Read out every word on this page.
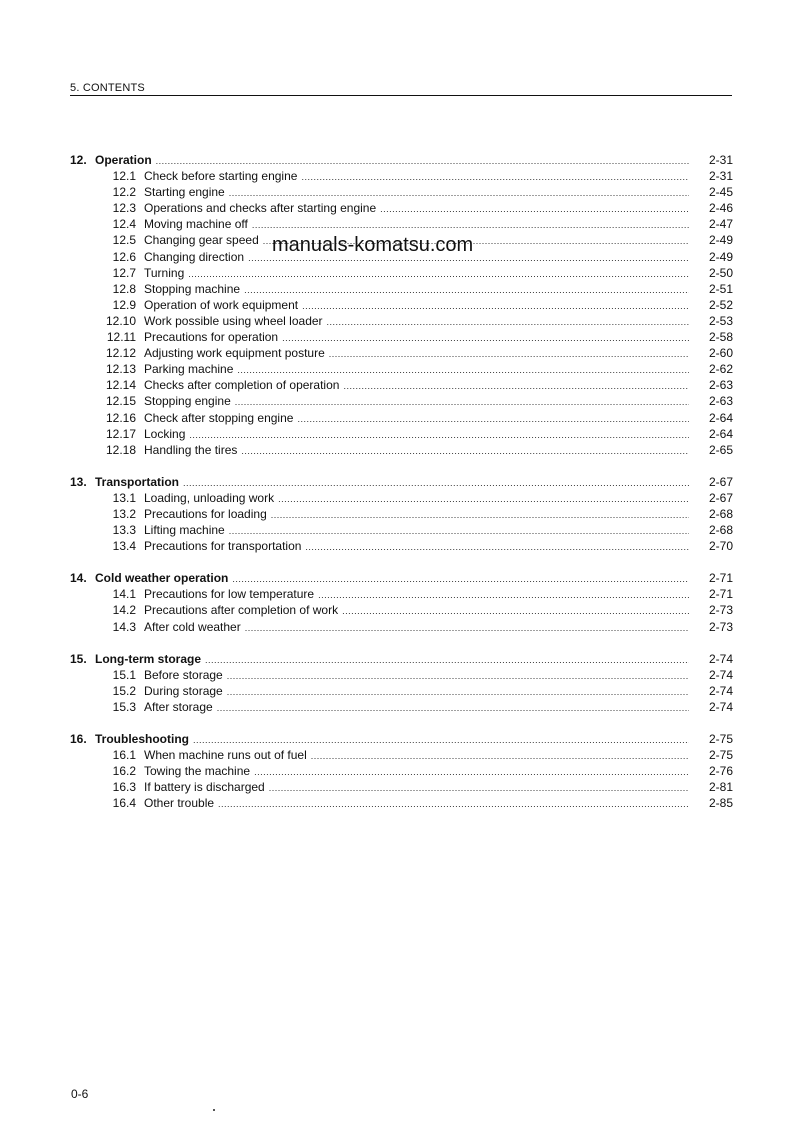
5. CONTENTS
12. Operation .....	2-31
12.1 Check before starting engine .....	2-31
12.2 Starting engine .....	2-45
12.3 Operations and checks after starting engine .....	2-46
12.4 Moving machine off .....	2-47
12.5 Changing gear speed .....	2-49
12.6 Changing direction .....	2-49
12.7 Turning .....	2-50
12.8 Stopping machine .....	2-51
12.9 Operation of work equipment .....	2-52
12.10 Work possible using wheel loader .....	2-53
12.11 Precautions for operation .....	2-58
12.12 Adjusting work equipment posture .....	2-60
12.13 Parking machine .....	2-62
12.14 Checks after completion of operation .....	2-63
12.15 Stopping engine .....	2-63
12.16 Check after stopping engine .....	2-64
12.17 Locking .....	2-64
12.18 Handling the tires .....	2-65
13. Transportation .....	2-67
13.1 Loading, unloading work .....	2-67
13.2 Precautions for loading .....	2-68
13.3 Lifting machine .....	2-68
13.4 Precautions for transportation .....	2-70
14. Cold weather operation .....	2-71
14.1 Precautions for low temperature .....	2-71
14.2 Precautions after completion of work .....	2-73
14.3 After cold weather .....	2-73
15. Long-term storage .....	2-74
15.1 Before storage .....	2-74
15.2 During storage .....	2-74
15.3 After storage .....	2-74
16. Troubleshooting .....	2-75
16.1 When machine runs out of fuel .....	2-75
16.2 Towing the machine .....	2-76
16.3 If battery is discharged .....	2-81
16.4 Other trouble .....	2-85
manuals-komatsu.com
0-6
